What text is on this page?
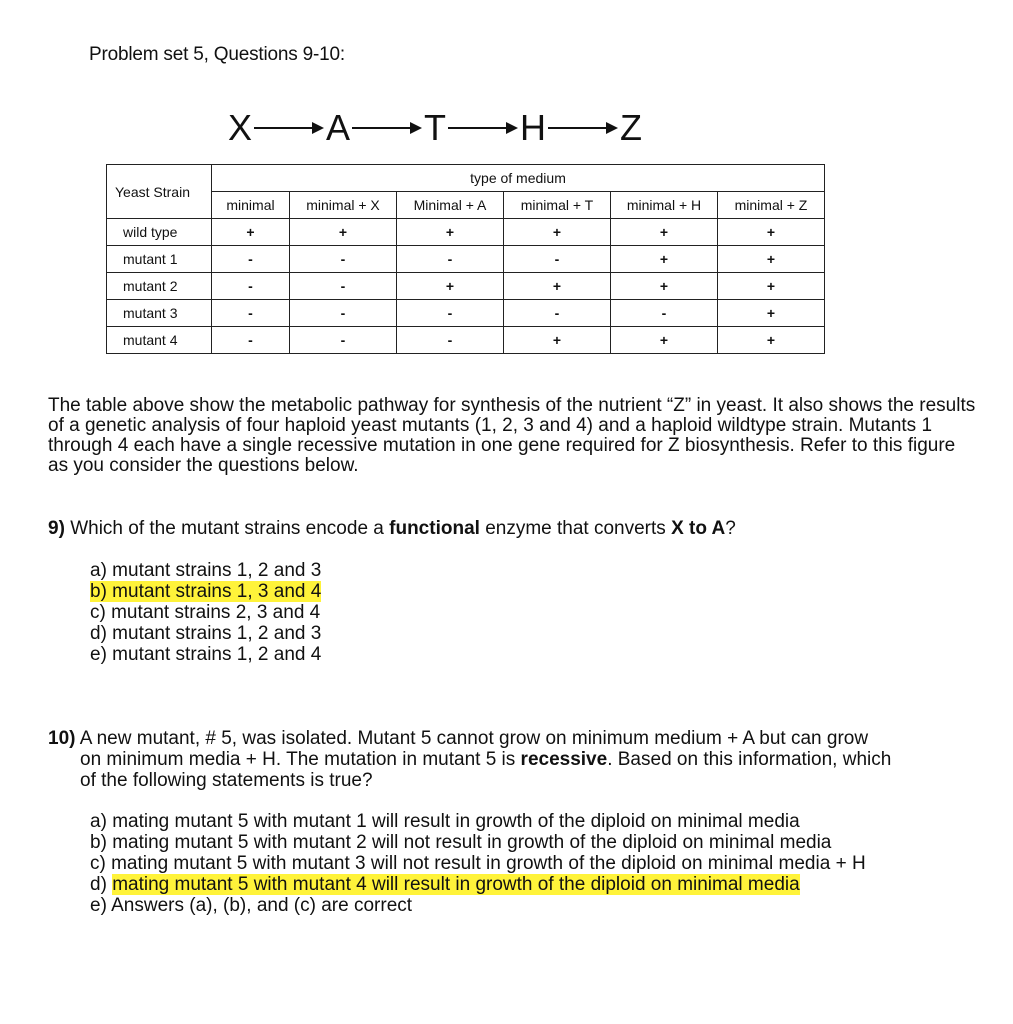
Problem set 5, Questions 9-10:
X A T H Z
Yeast Strain	type of medium					
	minimal	minimal + X	Minimal + A	minimal + T	minimal + H	minimal + Z
wild type	+	+	+	+	+	+
mutant 1	-	-	-	-	+	+
mutant 2	-	-	+	+	+	+
mutant 3	-	-	-	-	-	+
mutant 4	-	-	-	+	+	+
The table above show the metabolic pathway for synthesis of the nutrient “Z” in yeast. It also shows the results of a genetic analysis of four haploid yeast mutants (1, 2, 3 and 4) and a haploid wildtype strain. Mutants 1 through 4 each have a single recessive mutation in one gene required for Z biosynthesis. Refer to this figure as you consider the questions below.
9) Which of the mutant strains encode a functional enzyme that converts X to A?
a) mutant strains 1, 2 and 3
b) mutant strains 1, 3 and 4
c) mutant strains 2, 3 and 4
d) mutant strains 1, 2 and 3
e) mutant strains 1, 2 and 4
10) A new mutant, # 5, was isolated. Mutant 5 cannot grow on minimum medium + A but can grow
on minimum media + H. The mutation in mutant 5 is recessive. Based on this information, which
of the following statements is true?
a) mating mutant 5 with mutant 1 will result in growth of the diploid on minimal media
b) mating mutant 5 with mutant 2 will not result in growth of the diploid on minimal media
c) mating mutant 5 with mutant 3 will not result in growth of the diploid on minimal media + H
d) mating mutant 5 with mutant 4 will result in growth of the diploid on minimal media
e) Answers (a), (b), and (c) are correct
